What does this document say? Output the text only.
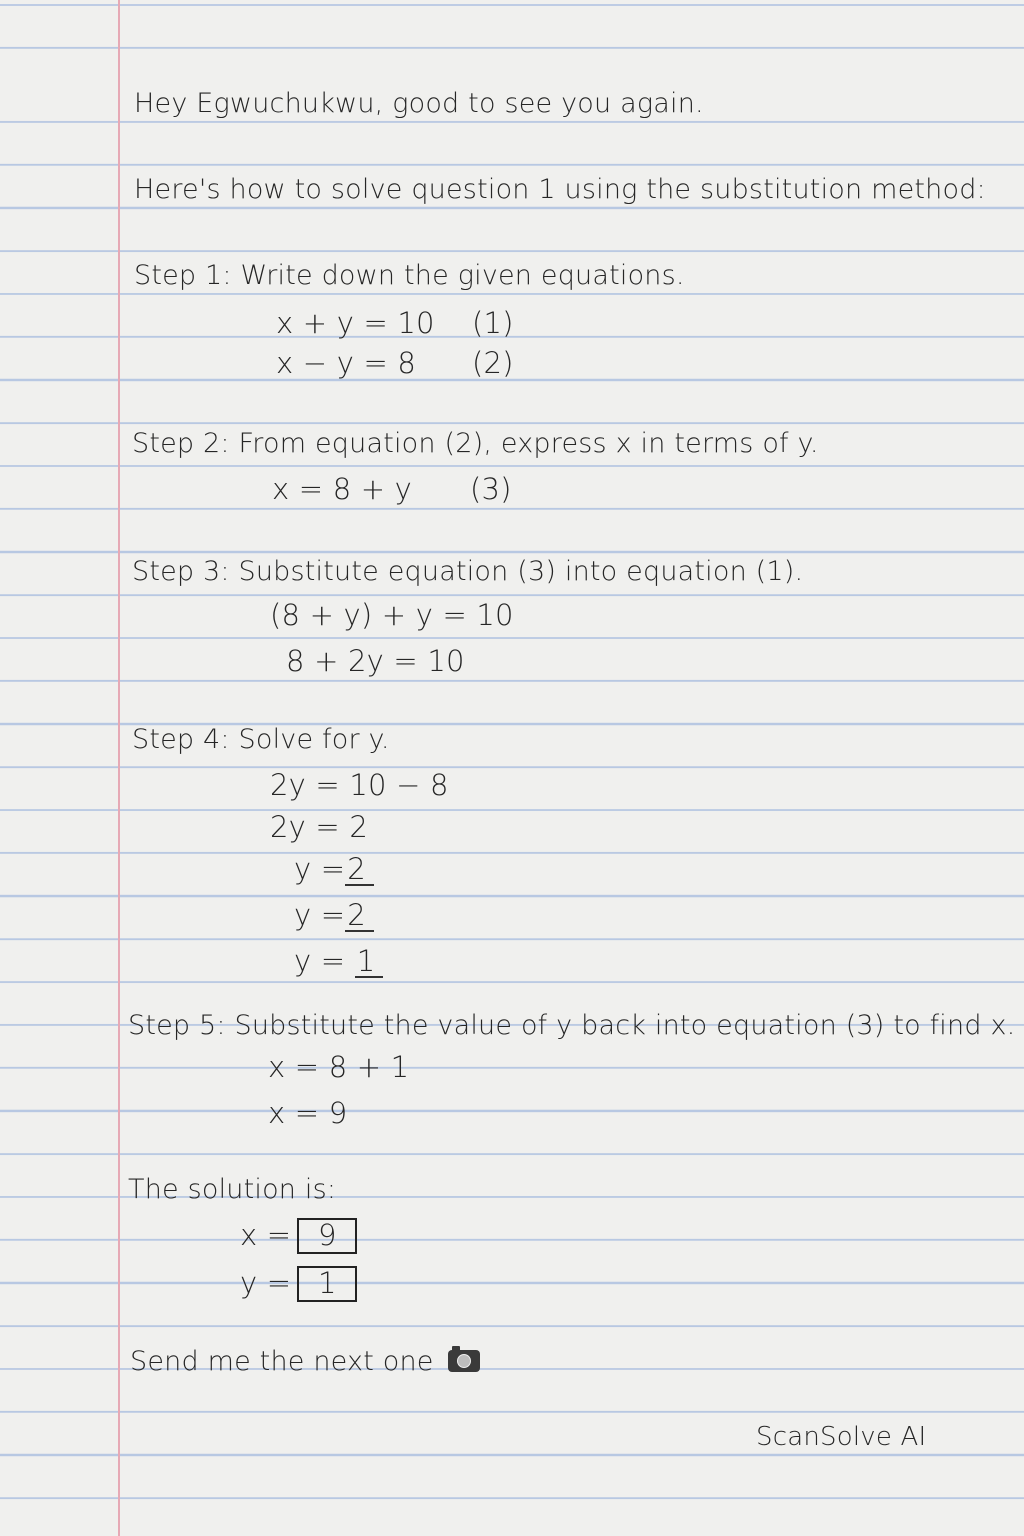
Hey Egwuchukwu, good to see you again.
Here's how to solve question 1 using the substitution method:
Step 1: Write down the given equations.
x + y = 10 (1)
x − y = 8 (2)
Step 2: From equation (2), express x in terms of y.
x = 8 + y (3)
Step 3: Substitute equation (3) into equation (1).
(8 + y) + y = 10
8 + 2y = 10
Step 4: Solve for y.
2y = 10 − 8
2y = 2
y =2
y =2
y = 1
Step 5: Substitute the value of y back into equation (3) to find x.
x = 8 + 1
x = 9
The solution is:
x = 9
y = 1
Send me the next one
ScanSolve AI
